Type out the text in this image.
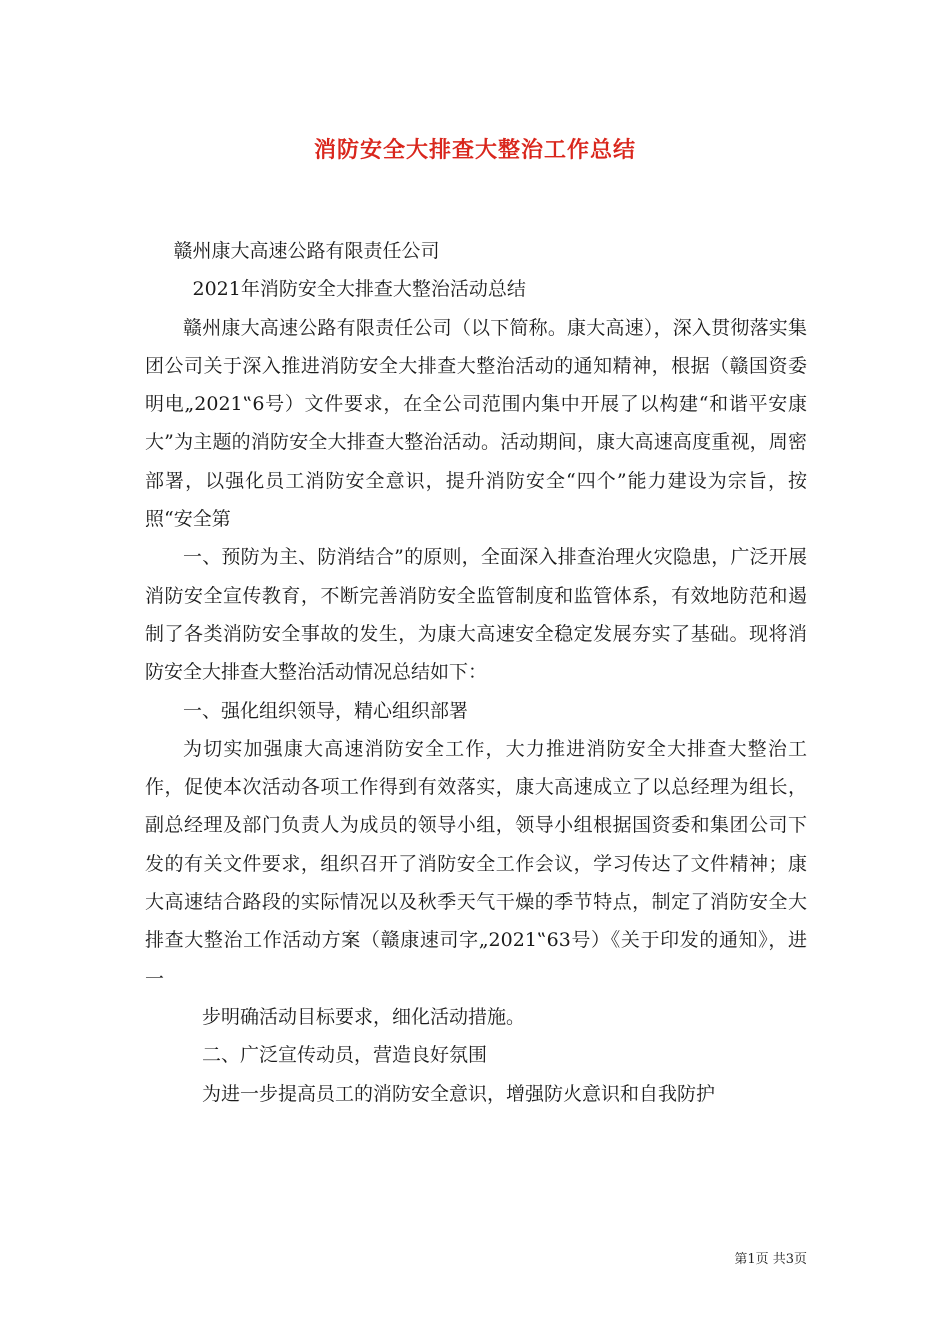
消防安全大排查大整治工作总结

赣州康大高速公路有限责任公司

2021年消防安全大排查大整治活动总结

赣州康大高速公路有限责任公司（以下简称。康大高速），深入贯彻落实集团公司关于深入推进消防安全大排查大整治活动的通知精神，根据（赣国资委明电„2021‟6号）文件要求，在全公司范围内集中开展了以构建“和谐平安康大”为主题的消防安全大排查大整治活动。活动期间，康大高速高度重视，周密部署，以强化员工消防安全意识，提升消防安全“四个”能力建设为宗旨，按照“安全第

一、预防为主、防消结合”的原则，全面深入排查治理火灾隐患，广泛开展消防安全宣传教育，不断完善消防安全监管制度和监管体系，有效地防范和遏制了各类消防安全事故的发生，为康大高速安全稳定发展夯实了基础。现将消防安全大排查大整治活动情况总结如下：

一、强化组织领导，精心组织部署

为切实加强康大高速消防安全工作，大力推进消防安全大排查大整治工作，促使本次活动各项工作得到有效落实，康大高速成立了以总经理为组长，副总经理及部门负责人为成员的领导小组，领导小组根据国资委和集团公司下发的有关文件要求，组织召开了消防安全工作会议，学习传达了文件精神；康大高速结合路段的实际情况以及秋季天气干燥的季节特点，制定了消防安全大排查大整治工作活动方案（赣康速司字„2021‟63号）《关于印发的通知》，进一

步明确活动目标要求，细化活动措施。

二、广泛宣传动员，营造良好氛围

为进一步提高员工的消防安全意识，增强防火意识和自我防护

第1页 共3页
